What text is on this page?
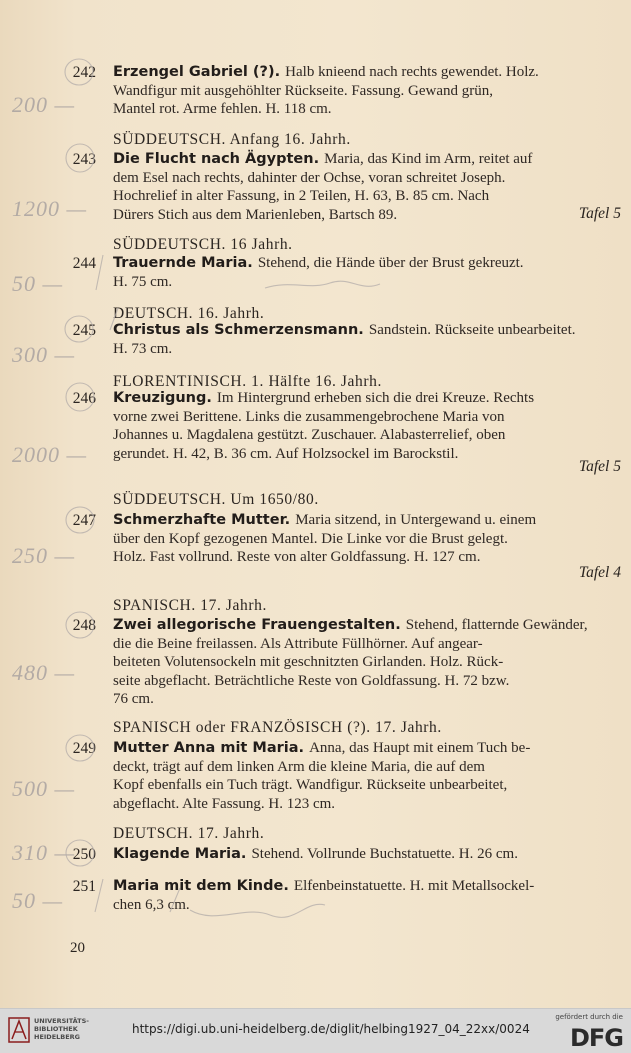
200 —
242 Erzengel Gabriel (?). Halb knieend nach rechts gewendet. Holz.
Wandfigur mit ausgehöhlter Rückseite. Fassung. Gewand grün,
Mantel rot. Arme fehlen. H. 118 cm.
SÜDDEUTSCH. Anfang 16. Jahrh.
1200 —
243 Die Flucht nach Ägypten. Maria, das Kind im Arm, reitet auf
dem Esel nach rechts, dahinter der Ochse, voran schreitet Joseph.
Hochrelief in alter Fassung, in 2 Teilen, H. 63, B. 85 cm. Nach
Dürers Stich aus dem Marienleben, Bartsch 89.	Tafel 5
SÜDDEUTSCH. 16 Jahrh.
50 —
244 Trauernde Maria. Stehend, die Hände über der Brust gekreuzt.
H. 75 cm.
DEUTSCH. 16. Jahrh.
300 —
245 Christus als Schmerzensmann. Sandstein. Rückseite unbearbeitet.
H. 73 cm.
FLORENTINISCH. 1. Hälfte 16. Jahrh.
2000 —
246 Kreuzigung. Im Hintergrund erheben sich die drei Kreuze. Rechts
vorne zwei Berittene. Links die zusammengebrochene Maria von
Johannes u. Magdalena gestützt. Zuschauer. Alabasterrelief, oben
gerundet. H. 42, B. 36 cm. Auf Holzsockel im Barockstil.
Tafel 5
SÜDDEUTSCH. Um 1650/80.
250 —
247 Schmerzhafte Mutter. Maria sitzend, in Untergewand u. einem
über den Kopf gezogenen Mantel. Die Linke vor die Brust gelegt.
Holz. Fast vollrund. Reste von alter Goldfassung. H. 127 cm.
Tafel 4
SPANISCH. 17. Jahrh.
480 —
248 Zwei allegorische Frauengestalten. Stehend, flatternde Gewänder,
die die Beine freilassen. Als Attribute Füllhörner. Auf angear-
beiteten Volutensockeln mit geschnitzten Girlanden. Holz. Rück-
seite abgeflacht. Beträchtliche Reste von Goldfassung. H. 72 bzw.
76 cm.
SPANISCH oder FRANZÖSISCH (?). 17. Jahrh.
500 —
249 Mutter Anna mit Maria. Anna, das Haupt mit einem Tuch be-
deckt, trägt auf dem linken Arm die kleine Maria, die auf dem
Kopf ebenfalls ein Tuch trägt. Wandfigur. Rückseite unbearbeitet,
abgeflacht. Alte Fassung. H. 123 cm.
DEUTSCH. 17. Jahrh.
310 —
250 Klagende Maria. Stehend. Vollrunde Buchstatuette. H. 26 cm.
50 —
251 Maria mit dem Kinde. Elfenbeinstatuette. H. mit Metallsockel-
chen 6,3 cm.
20
UNIVERSITÄTS-
BIBLIOTHEK
HEIDELBERG
https://digi.ub.uni-heidelberg.de/diglit/helbing1927_04_22xx/0024
gefördert durch die
DFG
